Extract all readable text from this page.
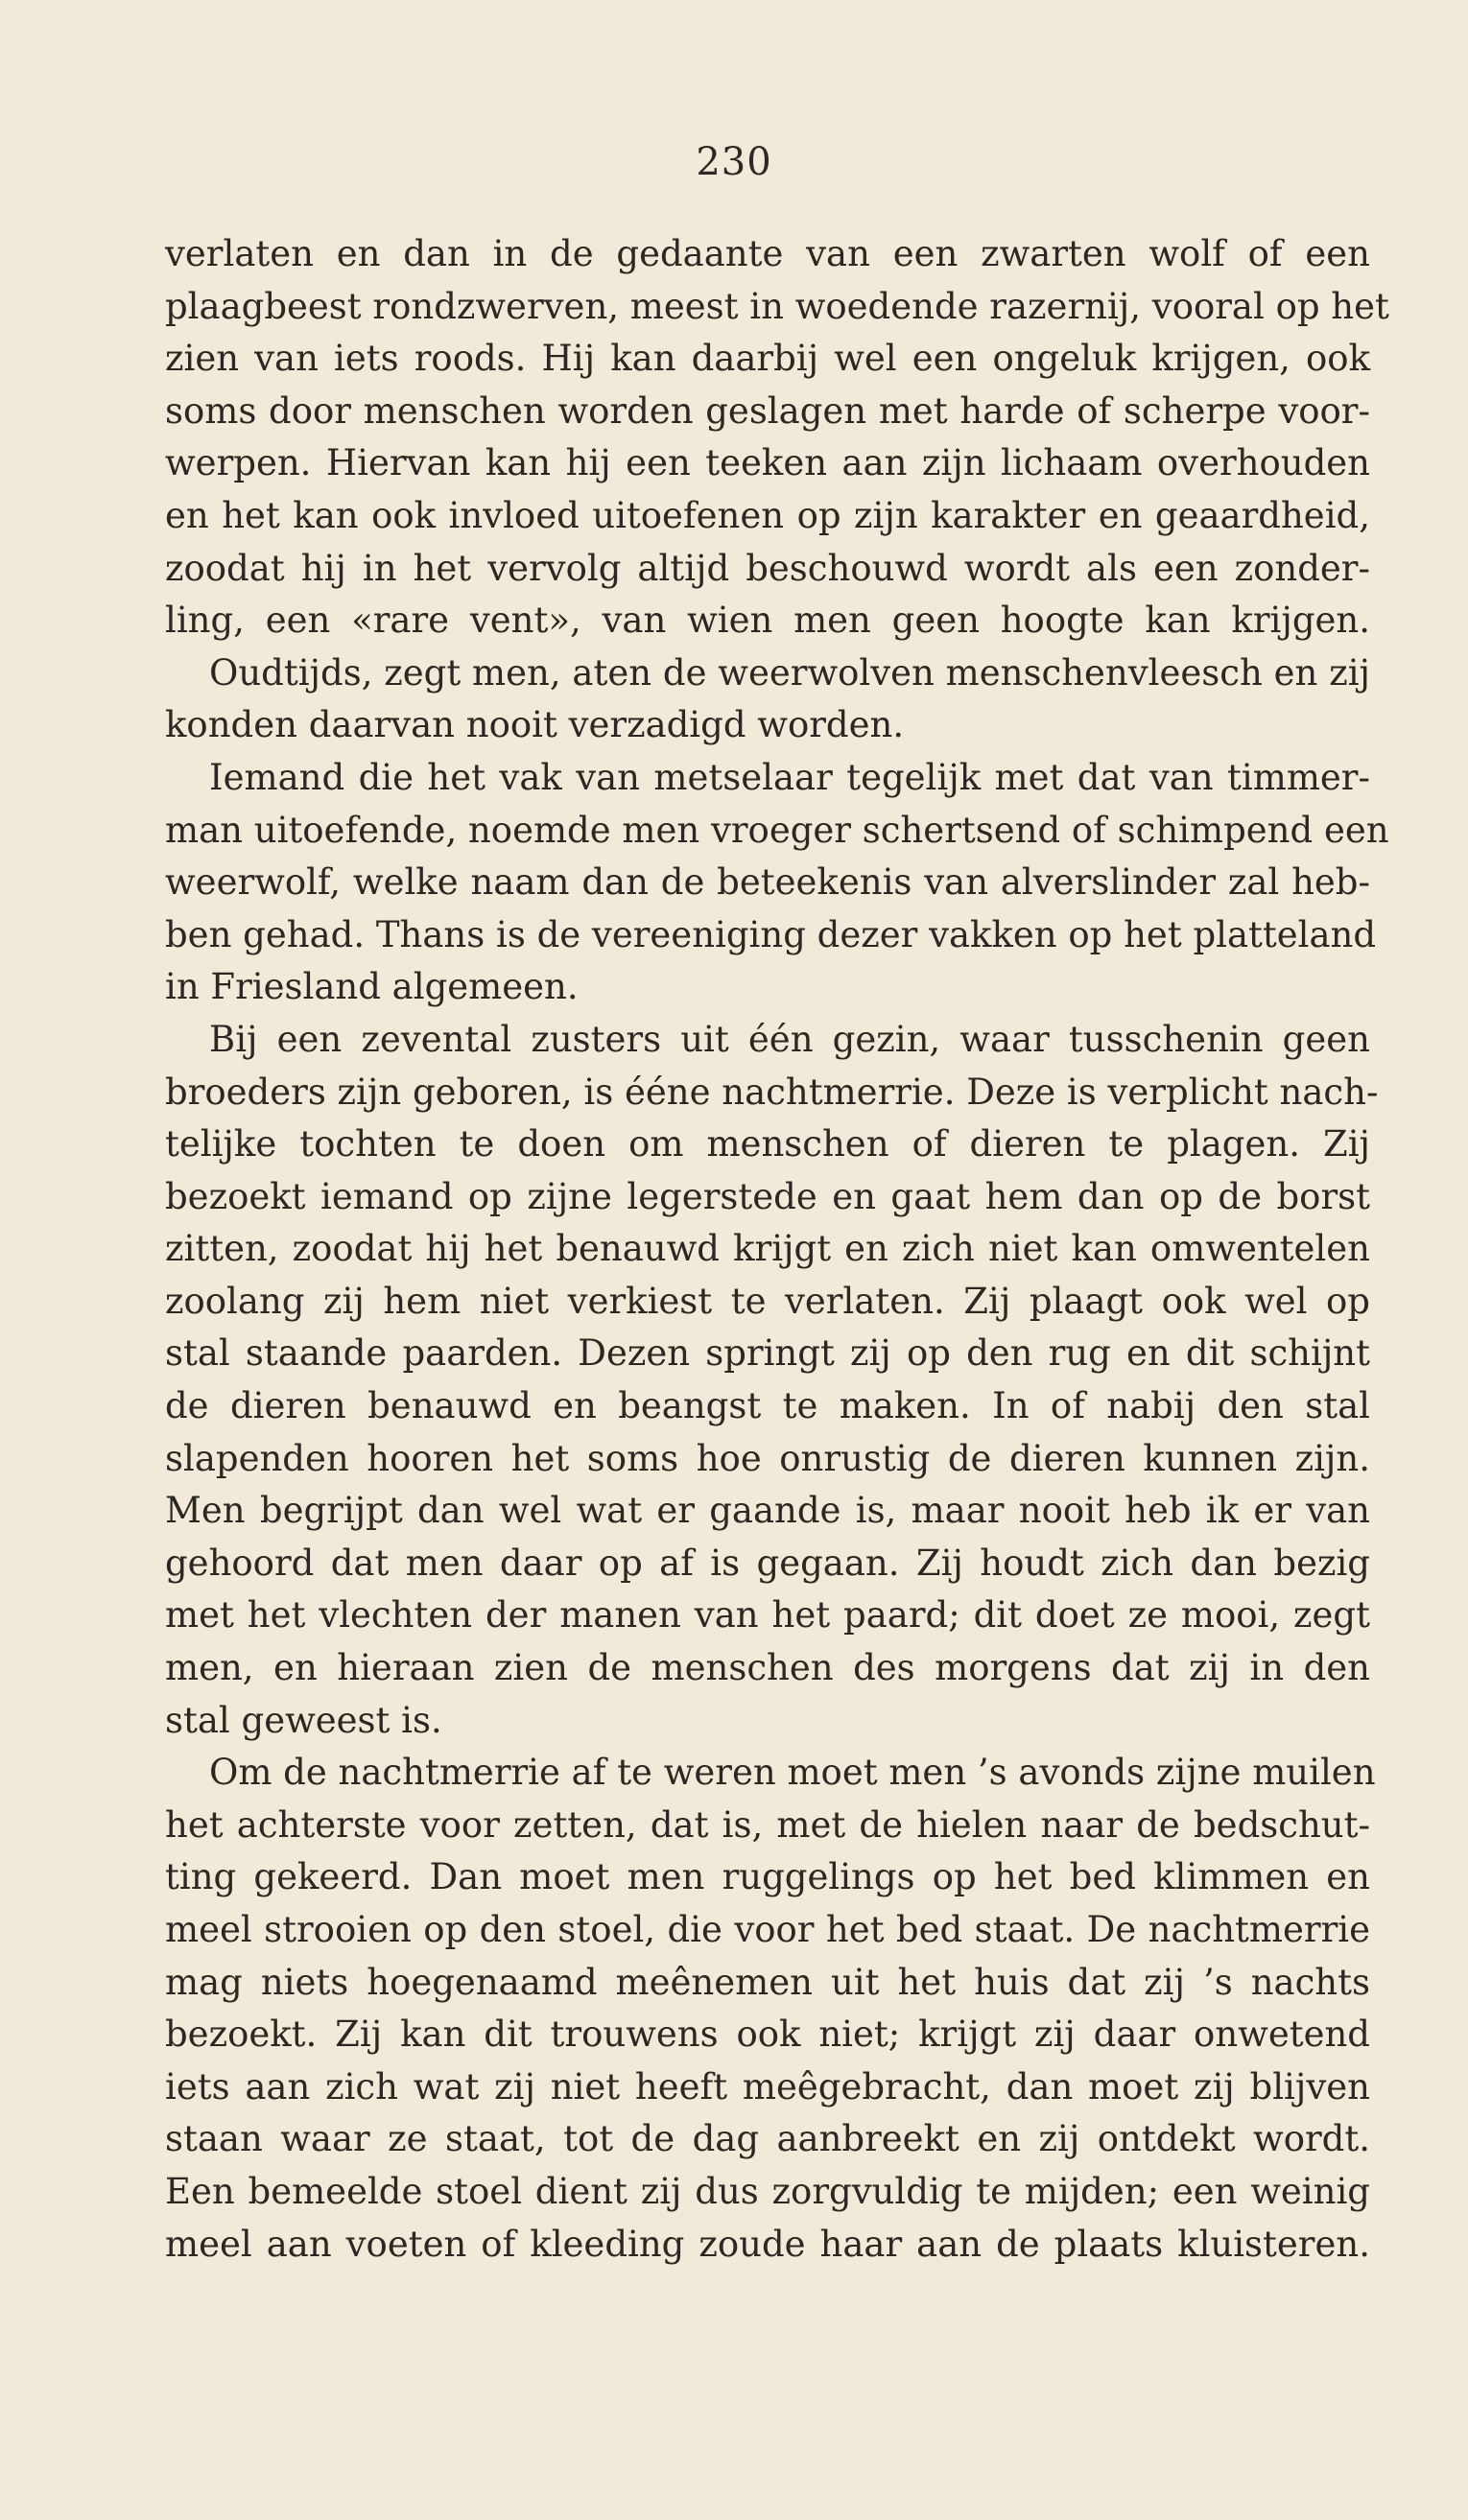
230
verlaten en dan in de gedaante van een zwarten wolf of een
plaagbeest rondzwerven, meest in woedende razernij, vooral op het
zien van iets roods. Hij kan daarbij wel een ongeluk krijgen, ook
soms door menschen worden geslagen met harde of scherpe voor-
werpen. Hiervan kan hij een teeken aan zijn lichaam overhouden
en het kan ook invloed uitoefenen op zijn karakter en geaardheid,
zoodat hij in het vervolg altijd beschouwd wordt als een zonder-
ling, een «rare vent», van wien men geen hoogte kan krijgen.
Oudtijds, zegt men, aten de weerwolven menschenvleesch en zij
konden daarvan nooit verzadigd worden.
Iemand die het vak van metselaar tegelijk met dat van timmer-
man uitoefende, noemde men vroeger schertsend of schimpend een
weerwolf, welke naam dan de beteekenis van alverslinder zal heb-
ben gehad. Thans is de vereeniging dezer vakken op het platteland
in Friesland algemeen.
Bij een zevental zusters uit één gezin, waar tusschenin geen
broeders zijn geboren, is ééne nachtmerrie. Deze is verplicht nach-
telijke tochten te doen om menschen of dieren te plagen. Zij
bezoekt iemand op zijne legerstede en gaat hem dan op de borst
zitten, zoodat hij het benauwd krijgt en zich niet kan omwentelen
zoolang zij hem niet verkiest te verlaten. Zij plaagt ook wel op
stal staande paarden. Dezen springt zij op den rug en dit schijnt
de dieren benauwd en beangst te maken. In of nabij den stal
slapenden hooren het soms hoe onrustig de dieren kunnen zijn.
Men begrijpt dan wel wat er gaande is, maar nooit heb ik er van
gehoord dat men daar op af is gegaan. Zij houdt zich dan bezig
met het vlechten der manen van het paard; dit doet ze mooi, zegt
men, en hieraan zien de menschen des morgens dat zij in den
stal geweest is.
Om de nachtmerrie af te weren moet men ’s avonds zijne muilen
het achterste voor zetten, dat is, met de hielen naar de bedschut-
ting gekeerd. Dan moet men ruggelings op het bed klimmen en
meel strooien op den stoel, die voor het bed staat. De nachtmerrie
mag niets hoegenaamd meênemen uit het huis dat zij ’s nachts
bezoekt. Zij kan dit trouwens ook niet; krijgt zij daar onwetend
iets aan zich wat zij niet heeft meêgebracht, dan moet zij blijven
staan waar ze staat, tot de dag aanbreekt en zij ontdekt wordt.
Een bemeelde stoel dient zij dus zorgvuldig te mijden; een weinig
meel aan voeten of kleeding zoude haar aan de plaats kluisteren.
